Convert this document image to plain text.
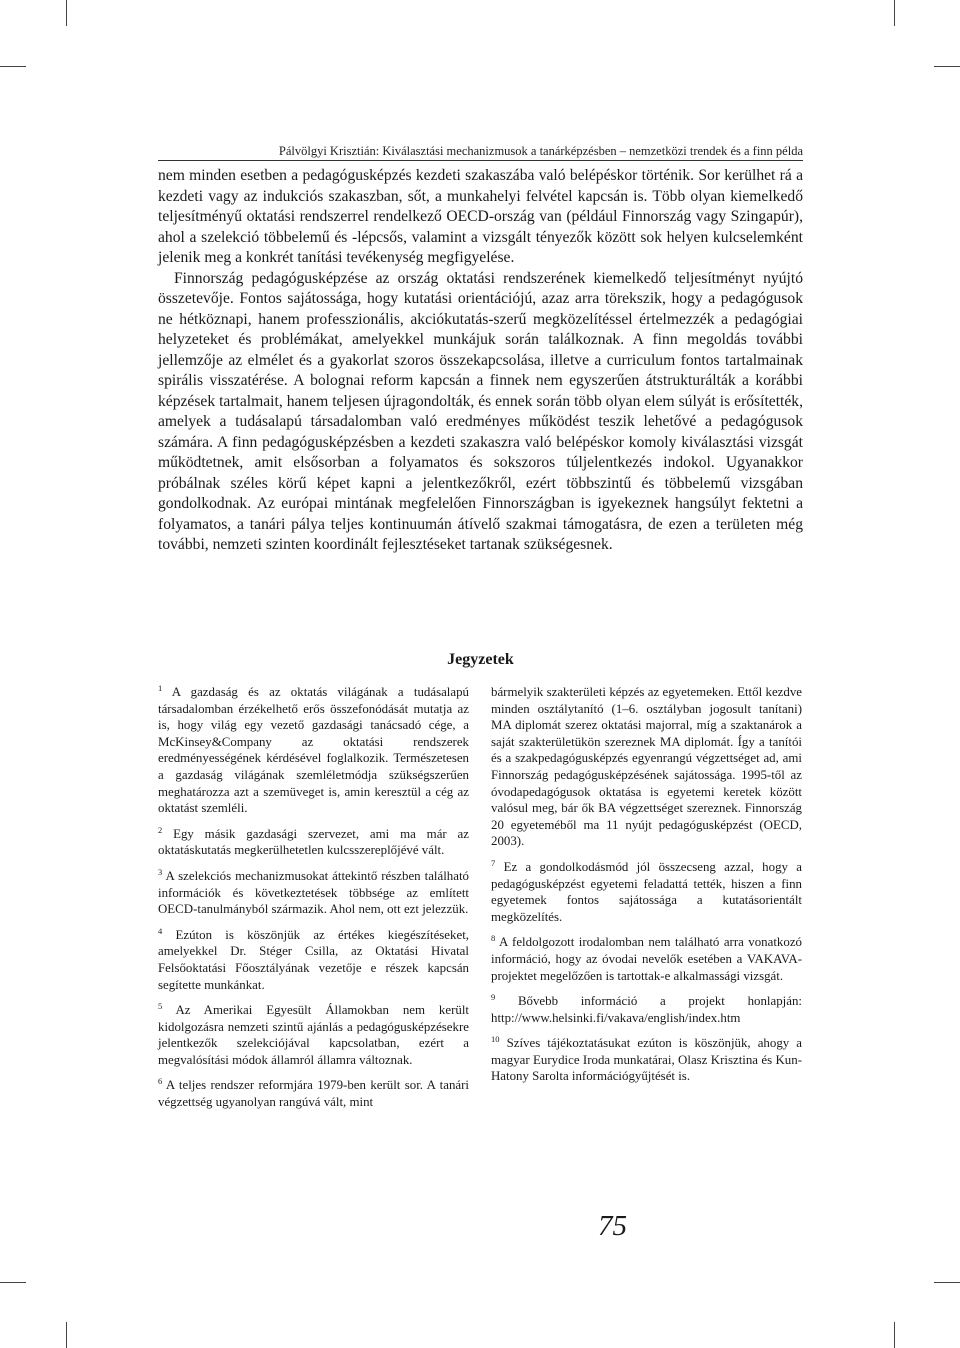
Pálvölgyi Krisztián: Kiválasztási mechanizmusok a tanárképzésben – nemzetközi trendek és a finn példa

nem minden esetben a pedagógusképzés kezdeti szakaszába való belépéskor történik. Sor kerülhet rá a kezdeti vagy az indukciós szakaszban, sőt, a munkahelyi felvétel kapcsán is. Több olyan kiemelkedő teljesítményű oktatási rendszerrel rendelkező OECD-ország van (például Finnország vagy Szingapúr), ahol a szelekció többelemű és -lépcsős, valamint a vizsgált tényezők között sok helyen kulcselemként jelenik meg a konkrét tanítási tevékenység megfigyelése.

Finnország pedagógusképzése az ország oktatási rendszerének kiemelkedő teljesítményt nyújtó összetevője. Fontos sajátossága, hogy kutatási orientációjú, azaz arra törekszik, hogy a pedagógusok ne hétköznapi, hanem professzionális, akciókutatás-szerű megközelítéssel értelmezzék a pedagógiai helyzeteket és problémákat, amelyekkel munkájuk során találkoznak. A finn megoldás további jellemzője az elmélet és a gyakorlat szoros összekapcsolása, illetve a curriculum fontos tartalmainak spirális visszatérése. A bolognai reform kapcsán a finnek nem egyszerűen átstrukturálták a korábbi képzések tartalmait, hanem teljesen újragondolták, és ennek során több olyan elem súlyát is erősítették, amelyek a tudásalapú társadalomban való eredményes működést teszik lehetővé a pedagógusok számára. A finn pedagógusképzésben a kezdeti szakaszra való belépéskor komoly kiválasztási vizsgát működtetnek, amit elsősorban a folyamatos és sokszoros túljelentkezés indokol. Ugyanakkor próbálnak széles körű képet kapni a jelentkezőkről, ezért többszintű és többelemű vizsgában gondolkodnak. Az európai mintának megfelelően Finnországban is igyekeznek hangsúlyt fektetni a folyamatos, a tanári pálya teljes kontinuumán átívelő szakmai támogatásra, de ezen a területen még további, nemzeti szinten koordinált fejlesztéseket tartanak szükségesnek.

Jegyzetek

$^1$ A gazdaság és az oktatás világának a tudásalapú társadalomban érzékelhető erős összefonódását mutatja az is, hogy világ egy vezető gazdasági tanácsadó cége, a McKinsey&Company az oktatási rendszerek eredményességének kérdésével foglalkozik. Természetesen a gazdaság világának szemléletmódja szükségszerűen meghatározza azt a szemüveget is, amin keresztül a cég az oktatást szemléli.

$^2$ Egy másik gazdasági szervezet, ami ma már az oktatáskutatás megkerülhetetlen kulcsszereplőjévé vált.

$^3$ A szelekciós mechanizmusokat áttekintő részben található információk és következtetések többsége az említett OECD-tanulmányból származik. Ahol nem, ott ezt jelezzük.

$^4$ Ezúton is köszönjük az értékes kiegészítéseket, amelyekkel Dr. Stéger Csilla, az Oktatási Hivatal Felsőoktatási Főosztályának vezetője e részek kapcsán segítette munkánkat.

$^5$ Az Amerikai Egyesült Államokban nem került kidolgozásra nemzeti szintű ajánlás a pedagógusképzésekre jelentkezők szelekciójával kapcsolatban, ezért a megvalósítási módok államról államra változnak.

$^6$ A teljes rendszer reformjára 1979-ben került sor. A tanári végzettség ugyanolyan rangúvá vált, mint

bármelyik szakterületi képzés az egyetemeken. Ettől kezdve minden osztálytanító (1–6. osztályban jogosult tanítani) MA diplomát szerez oktatási majorral, míg a szaktanárok a saját szakterületükön szereznek MA diplomát. Így a tanítói és a szakpedagógusképzés egyenrangú végzettséget ad, ami Finnország pedagógusképzésének sajátossága. 1995-től az óvodapedagógusok oktatása is egyetemi keretek között valósul meg, bár ők BA végzettséget szereznek. Finnország 20 egyeteméből ma 11 nyújt pedagógusképzést (OECD, 2003).

$^7$ Ez a gondolkodásmód jól összecseng azzal, hogy a pedagógusképzést egyetemi feladattá tették, hiszen a finn egyetemek fontos sajátossága a kutatásorientált megközelítés.

$^8$ A feldolgozott irodalomban nem található arra vonatkozó információ, hogy az óvodai nevelők esetében a VAKAVA-projektet megelőzően is tartottak-e alkalmassági vizsgát.

$^9$ Bővebb információ a projekt honlapján: http://www.helsinki.fi/vakava/english/index.htm

$^{10}$ Szíves tájékoztatásukat ezúton is köszönjük, ahogy a magyar Eurydice Iroda munkatárai, Olasz Krisztina és Kun-Hatony Sarolta információgyűjtését is.

75
